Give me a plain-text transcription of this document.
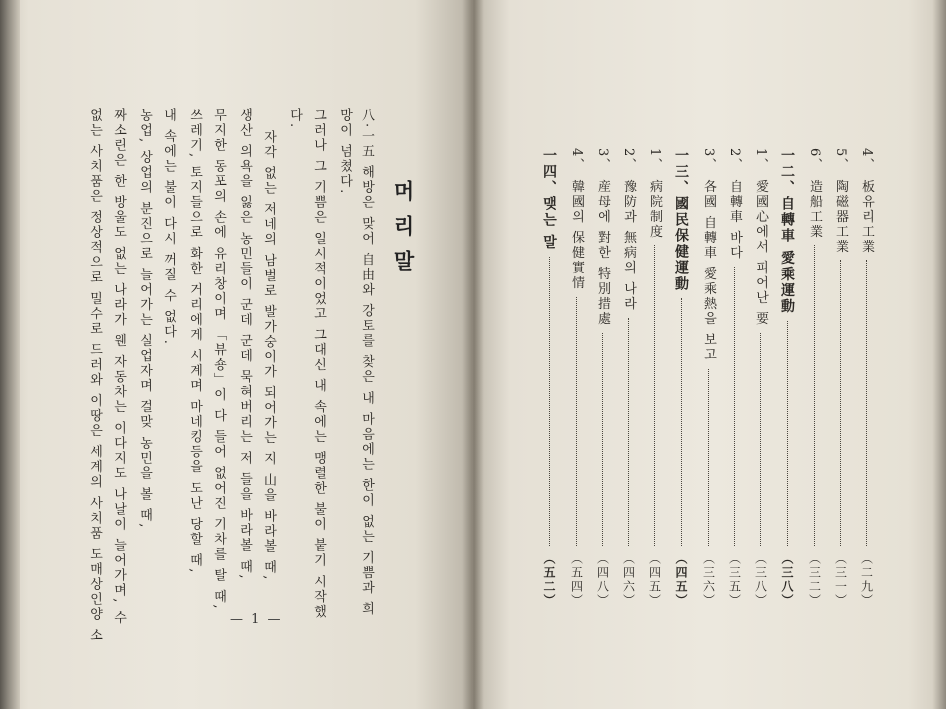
머리말
八·一五 해방은 맞어 自由와 강토를 찾은 내 마음에는 한이 없는 기쁨과 희
망이 넘쳤다.
그러나 그 기쁨은 일시적이었고 그대신 내 속에는 맹렬한 불이 붙기 시작했
다.
자각 없는 저네의 남벌로 발가숭이가 되어가는 지 山을 바라볼 때,
생산 의욕을 잃은 농민들이 군데 군데 묵혀버리는 저 들을 바라볼 때,
무지한 동포의 손에 유리창이며 「뷰숑」이 다 들어 없어진 기차를 탈 때,
쓰레기, 토지들으로 화한 거리에게 시계며 마네킹등을 도난 당할 때,
내 속에는 불이 다시 꺼질 수 없다.
농업, 상업의 분진으로 늘어가는 실업자며 걸맞 농민을 볼 때,
짜소린은 한 방울도 없는 나라가 웬 자동차는 이다지도 나날이 늘어가며, 수
없는 사치품은 정상적으로 밀수로 드러와 이땅은 세계의 사치품 도매상인양 소	— 1 —
4、 板유리工業
（二九）
5、 陶磁器工業
（三一）
6、 造船工業
（三二）
一二、自轉車 愛乘運動
（三八）
1、 愛國心에서 피어난 要
（三八）
2、 自轉車 바다
（三五）
3、 各國 自轉車 愛乘熱을 보고
（三六）
一三、國民保健運動
（四五）
1、 病院制度
（四五）
2、 豫防과 無病의 나라
（四六）
3、 産母에 對한 特別措處
（四八）
4、 韓國의 保健實情
（五四）
一四、맺는 말
（五二）
